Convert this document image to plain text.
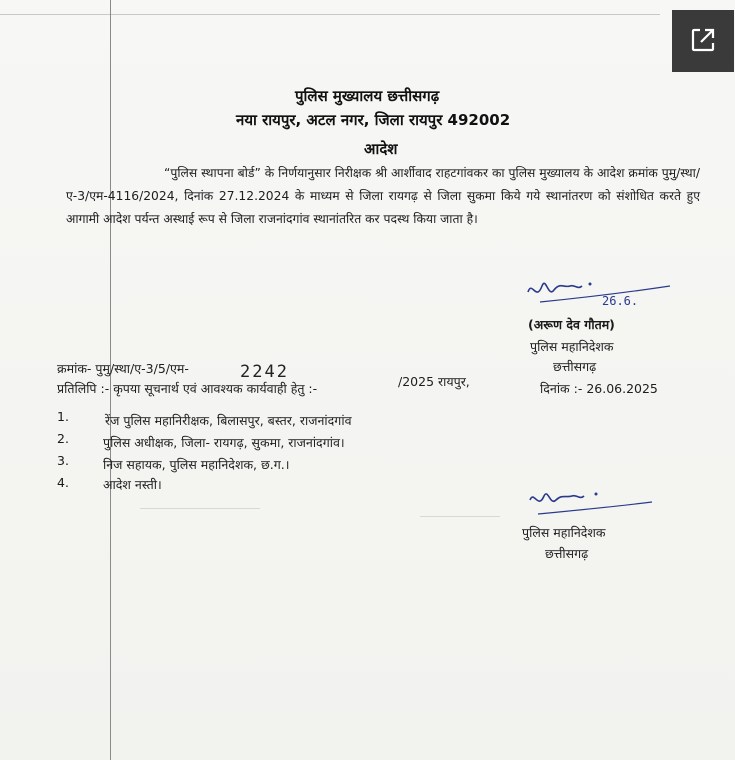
पुलिस मुख्यालय छत्तीसगढ़
नया रायपुर, अटल नगर, जिला रायपुर 492002
आदेश
“पुलिस स्थापना बोर्ड” के निर्णयानुसार निरीक्षक श्री आर्शीवाद राहटगांवकर का पुलिस मुख्यालय के आदेश क्रमांक पुमु/स्था/ए-3/एम-4116/2024, दिनांक 27.12.2024 के माध्यम से जिला रायगढ़ से जिला सुकमा किये गये स्थानांतरण को संशोधित करते हुए आगामी आदेश पर्यन्त अस्थाई रूप से जिला राजनांदगांव स्थानांतरित कर पदस्थ किया जाता है।
26.6.
(अरूण देव गौतम)
पुलिस महानिदेशक
छत्तीसगढ़
क्रमांक- पुमु/स्था/ए-3/5/एम-	2242	/2025 रायपुर,	दिनांक :- 26.06.2025
प्रतिलिपि :- कृपया सूचनार्थ एवं आवश्यक कार्यवाही हेतु :-
1.	रेंज पुलिस महानिरीक्षक, बिलासपुर, बस्तर, राजनांदगांव
2.	पुलिस अधीक्षक, जिला- रायगढ़, सुकमा, राजनांदगांव।
3.	निज सहायक, पुलिस महानिदेशक, छ.ग.।
4.	आदेश नस्ती।
पुलिस महानिदेशक
छत्तीसगढ़
